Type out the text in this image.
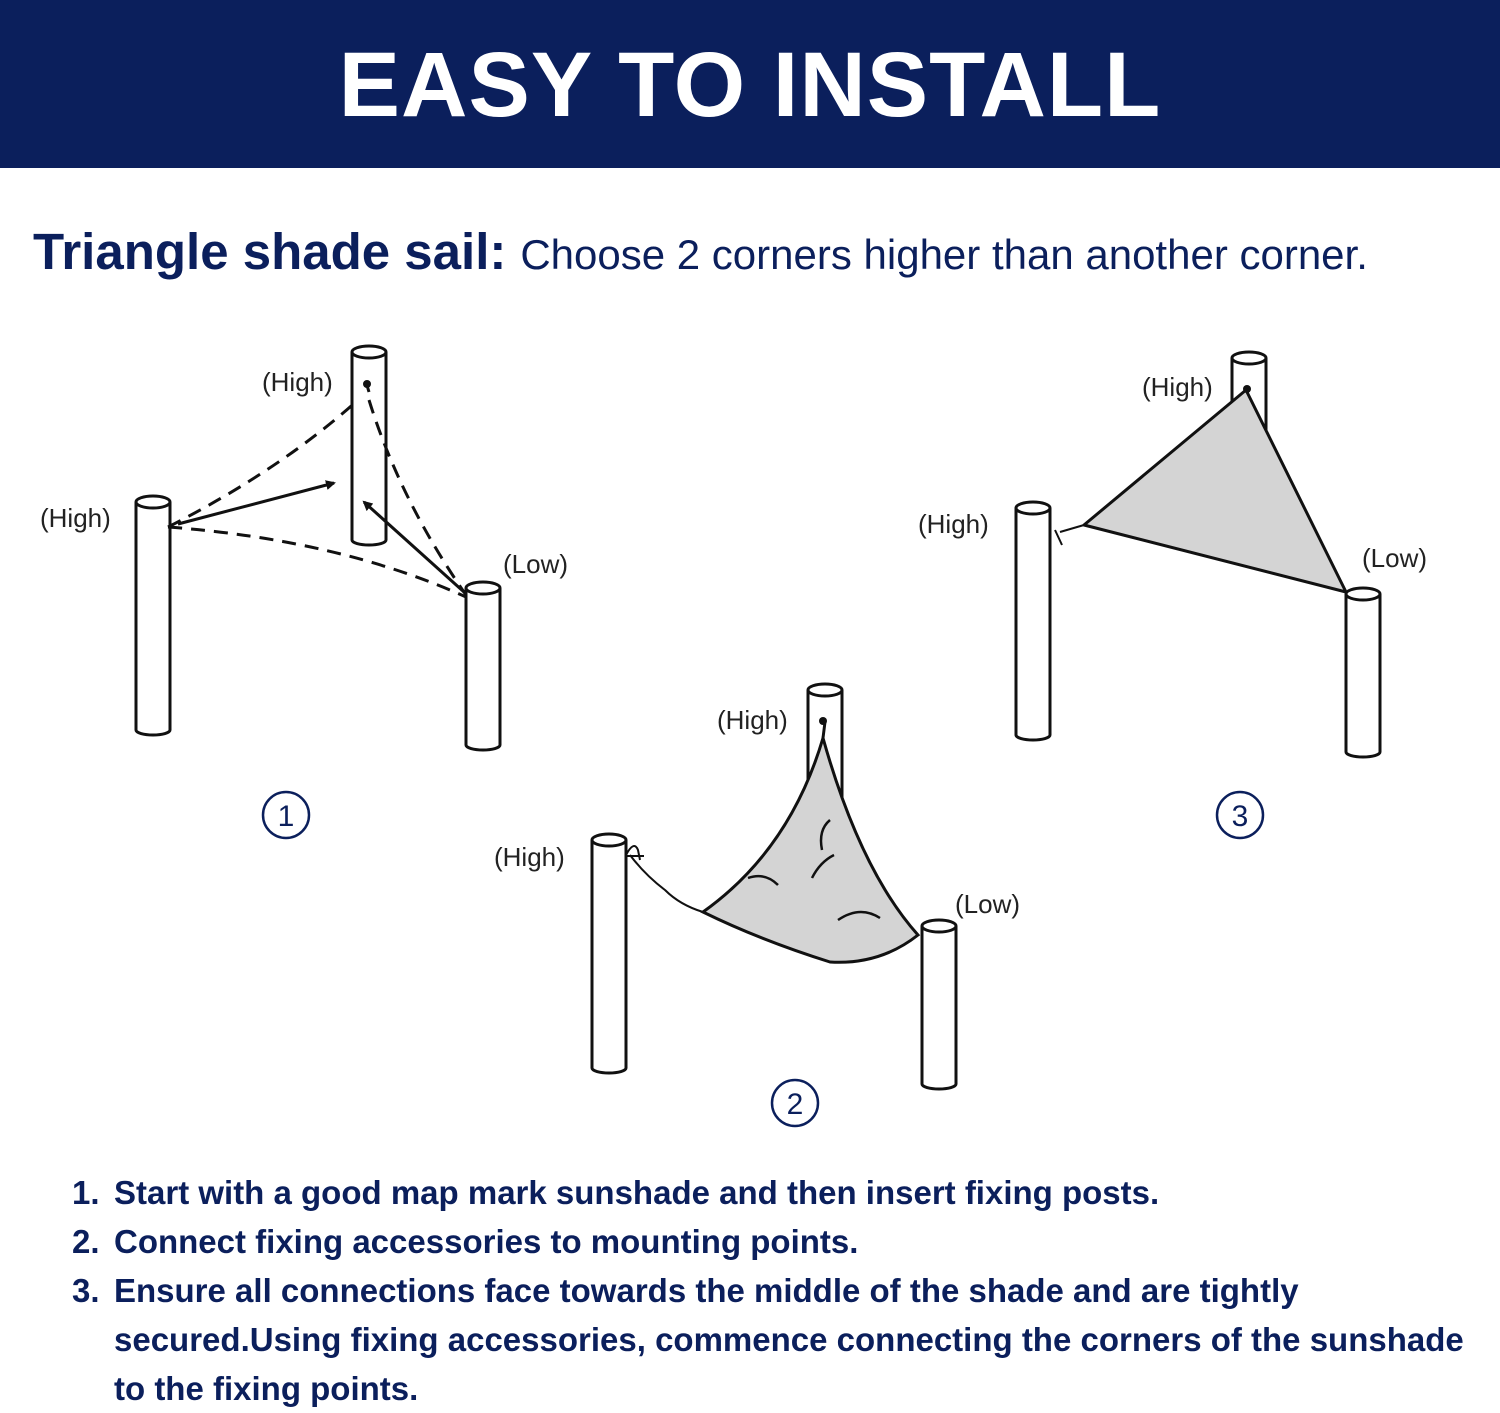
EASY TO INSTALL
Triangle shade sail: Choose 2 corners higher than another corner.
(High)
(High)
(Low)
1
(High)
(High)
(Low)
2
(High)
(High)
(Low)
3
1. Start with a good map mark sunshade and then insert fixing posts.
2. Connect fixing accessories to mounting points.
3. Ensure all connections face towards the middle of the shade and are tightly secured.Using fixing accessories, commence connecting the corners of the sunshade to the fixing points.
